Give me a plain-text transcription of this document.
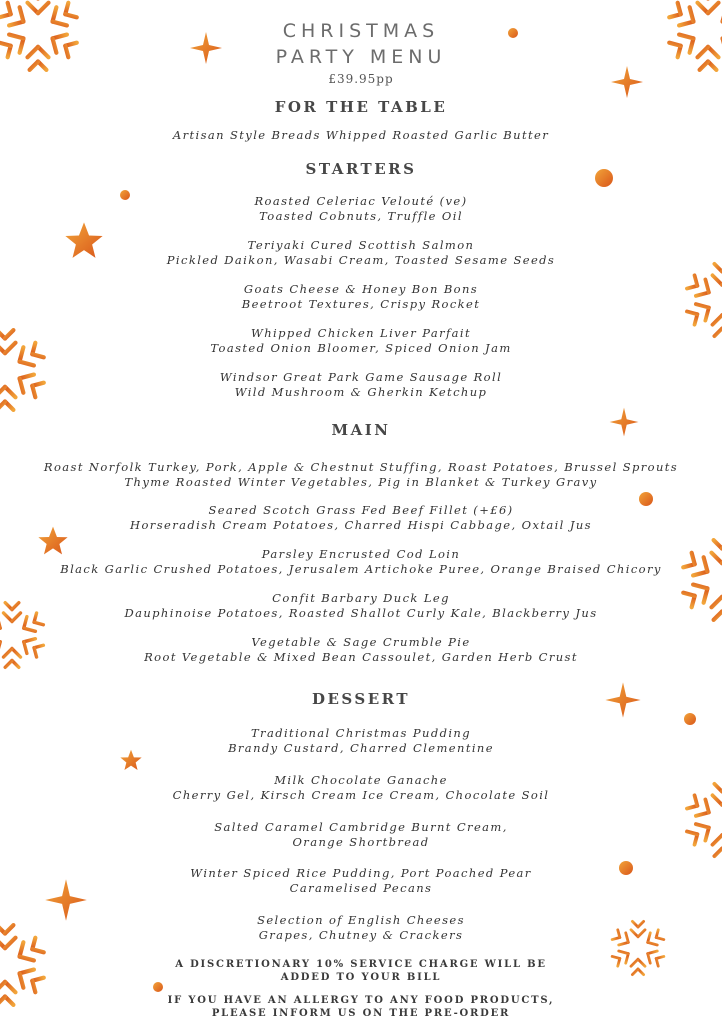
CHRISTMAS
PARTY MENU
£39.95pp
FOR THE TABLE
Artisan Style Breads Whipped Roasted Garlic Butter
STARTERS
Roasted Celeriac Velouté (ve)
Toasted Cobnuts, Truffle Oil
Teriyaki Cured Scottish Salmon
Pickled Daikon, Wasabi Cream, Toasted Sesame Seeds
Goats Cheese & Honey Bon Bons
Beetroot Textures, Crispy Rocket
Whipped Chicken Liver Parfait
Toasted Onion Bloomer, Spiced Onion Jam
Windsor Great Park Game Sausage Roll
Wild Mushroom & Gherkin Ketchup
MAIN
Roast Norfolk Turkey, Pork, Apple & Chestnut Stuffing, Roast Potatoes, Brussel Sprouts
Thyme Roasted Winter Vegetables, Pig in Blanket & Turkey Gravy
Seared Scotch Grass Fed Beef Fillet (+£6)
Horseradish Cream Potatoes, Charred Hispi Cabbage, Oxtail Jus
Parsley Encrusted Cod Loin
Black Garlic Crushed Potatoes, Jerusalem Artichoke Puree, Orange Braised Chicory
Confit Barbary Duck Leg
Dauphinoise Potatoes, Roasted Shallot Curly Kale, Blackberry Jus
Vegetable & Sage Crumble Pie
Root Vegetable & Mixed Bean Cassoulet, Garden Herb Crust
DESSERT
Traditional Christmas Pudding
Brandy Custard, Charred Clementine
Milk Chocolate Ganache
Cherry Gel, Kirsch Cream Ice Cream, Chocolate Soil
Salted Caramel Cambridge Burnt Cream,
Orange Shortbread
Winter Spiced Rice Pudding, Port Poached Pear
Caramelised Pecans
Selection of English Cheeses
Grapes, Chutney & Crackers
A DISCRETIONARY 10% SERVICE CHARGE WILL BE
ADDED TO YOUR BILL
IF YOU HAVE AN ALLERGY TO ANY FOOD PRODUCTS,
PLEASE INFORM US ON THE PRE-ORDER
